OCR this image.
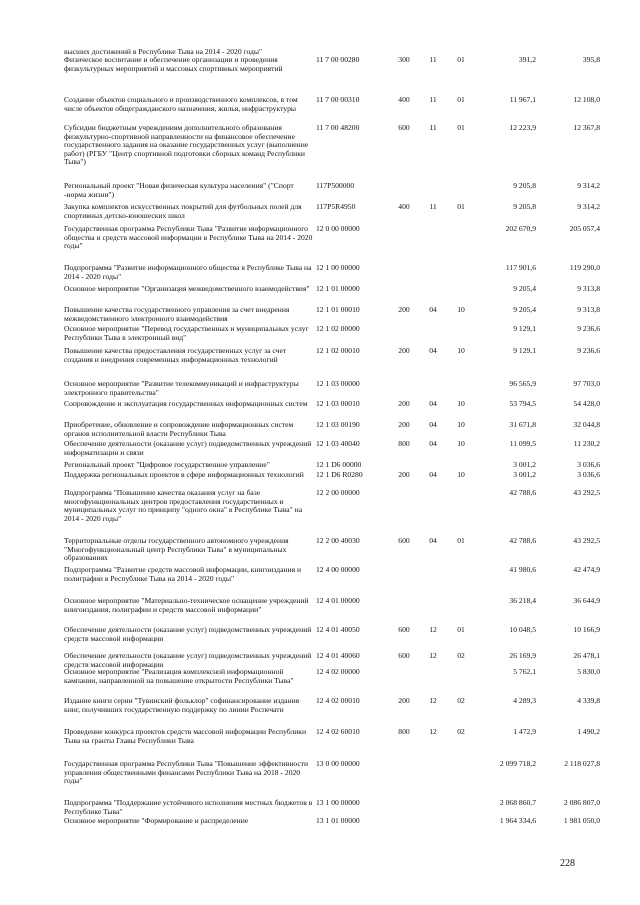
высших достижений в Республике Тыва на 2014 - 2020 годы"
Физическое воспитание и обеспечение организации и проведения физкультурных мероприятий и массовых спортивных мероприятий
11 7 00 00280	300	11	01	391,2	395,8
Создание объектов социального и производственного комплексов, в том числе объектов общегражданского назначения, жилья, инфраструктуры
11 7 00 00310	400	11	01	11 967,1	12 108,0
Субсидии бюджетным учреждениям дополнительного образования физкультурно-спортивной направленности на финансовое обеспечение государственного задания на оказание государственных услуг (выполнение работ) (РГБУ "Центр спортивной подготовки сборных команд Республики Тыва")
11 7 00 48200	600	11	01	12 223,9	12 367,8
Региональный проект "Новая физическая культура населения" ("Спорт -норма жизни")
117P500000	9 205,8	9 314,2
Закупка комплектов искусственных покрытий для футбольных полей для спортивных детско-юношеских школ
117P5R4950	400	11	01	9 205,8	9 314,2
Государственная программа Республики Тыва "Развитие информационного общества и средств массовой информации в Республике Тыва на 2014 - 2020 годы"
12 0 00 00000	202 670,9	205 057,4
Подпрограмма "Развитие информационного общества в Республике Тыва на 2014 - 2020 годы"
12 1 00 00000	117 901,6	119 290,0
Основное мероприятие "Организация межведомственного взаимодействия" 12 1 01 00000	9 205,4	9 313,8
Повышение качества государственного управления за счет внедрения межведомственного электронного взаимодействия
12 1 01 00010	200	04	10	9 205,4	9 313,8
Основное мероприятие "Перевод государственных и муниципальных услуг Республики Тыва в электронный вид"
12 1 02 00000	9 129,1	9 236,6
Повышение качества предоставления государственных услуг за счет создания и внедрения современных информационных технологий
12 1 02 00010	200	04	10	9 129,1	9 236,6
Основное мероприятие "Развитие телекоммуникаций и инфраструктуры электронного правительства"
12 1 03 00000	96 565,9	97 703,0
Сопровождение и эксплуатация государственных информационных систем	12 1 03 00010	200	04	10	53 794,5	54 428,0
Приобретение, обновление и сопровождение информационных систем органов исполнительной власти Республики Тыва
12 1 03 00190	200	04	10	31 671,8	32 044,8
Обеспечение деятельности (оказание услуг) подведомственных учреждений информатизации и связи
12 1 03 40040	800	04	10	11 099,5	11 230,2
Региональный проект "Цифровое государственное управление"	12 1 D6 00000	3 001,2	3 036,6
Поддержка региональных проектов в сфере информационных технологий	12 1 D6 R0280	200	04	10	3 001,2	3 036,6
Подпрограмма "Повышение качества оказания услуг на базе многофункциональных центров предоставления государственных и муниципальных услуг по принципу "одного окна" в Республике Тыва" на 2014 - 2020 годы"
12 2 00 00000	42 788,6	43 292,5
Территориальные отделы государственного автономного учреждения "Многофункциональный центр Республики Тыва" в муниципальных образованиях
12 2 00 40030	600	04	01	42 788,6	43 292,5
Подпрограмма "Развитие средств массовой информации, книгоиздания и полиграфии в Республике Тыва на 2014 - 2020 годы"
12 4 00 00000	41 980,6	42 474,9
Основное мероприятие "Материально-техническое оснащение учреждений книгоиздания, полиграфии и средств массовой информации"
12 4 01 00000	36 218,4	36 644,9
Обеспечение деятельности (оказание услуг) подведомственных учреждений средств массовой информации
12 4 01 40050	600	12	01	10 048,5	10 166,9
Обеспечение деятельности (оказание услуг) подведомственных учреждений средств массовой информации
12 4 01 40060	600	12	02	26 169,9	26 478,1
Основное мероприятие "Реализация комплексной информационной кампании, направленной на повышение открытости Республики Тыва"
12 4 02 00000	5 762,1	5 830,0
Издание книги серии "Тувинский фольклор" софинансирование издания книг, получивших государственную поддержку по линии Роспечати
12 4 02 00010	200	12	02	4 289,3	4 339,8
Проведение конкурса проектов средств массовой информации Республики Тыва на гранты Главы Республики Тыва
12 4 02 60010	800	12	02	1 472,9	1 490,2
Государственная программа Республики Тыва "Повышение эффективности управления общественными финансами Республики Тыва на 2018 - 2020 годы"
13 0 00 00000	2 099 718,2	2 118 027,8
Подпрограмма "Поддержание устойчивого исполнения местных бюджетов в Республике Тыва"
13 1 00 00000	2 068 860,7	2 086 807,0
Основное мероприятие "Формирование и распределение	13 1 01 00000	1 964 334,6	1 981 050,0
228
